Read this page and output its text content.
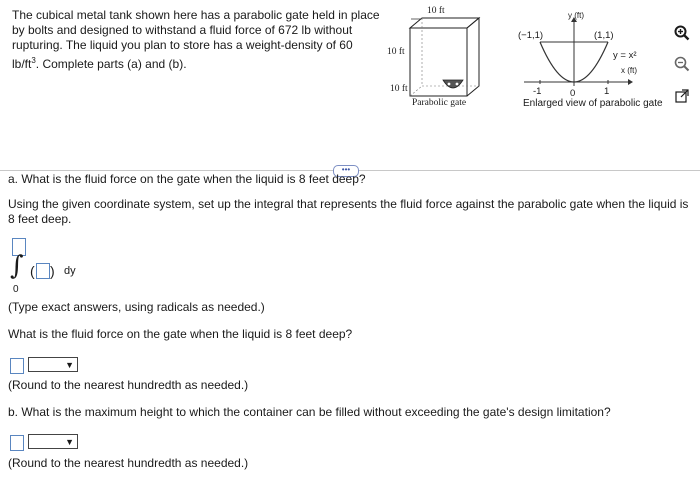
The cubical metal tank shown here has a parabolic gate held in place
by bolts and designed to withstand a fluid force of 672 lb without
rupturing. The liquid you plan to store has a weight-density of 60
$lb/ft^3$. Complete parts (a) and (b).
10 ft
10 ft
10 ft
Parabolic gate
y (ft)
(−1,1)	(1,1)
y = x²
x (ft)
-1	0	1
Enlarged view of parabolic gate
•••
a. What is the fluid force on the gate when the liquid is 8 feet deep?
Using the given coordinate system, set up the integral that represents the fluid force against the parabolic gate when the liquid is 8 feet deep.
∫ ( ) dy
0
(Type exact answers, using radicals as needed.)
What is the fluid force on the gate when the liquid is 8 feet deep?
▼
(Round to the nearest hundredth as needed.)
b. What is the maximum height to which the container can be filled without exceeding the gate's design limitation?
▼
(Round to the nearest hundredth as needed.)
